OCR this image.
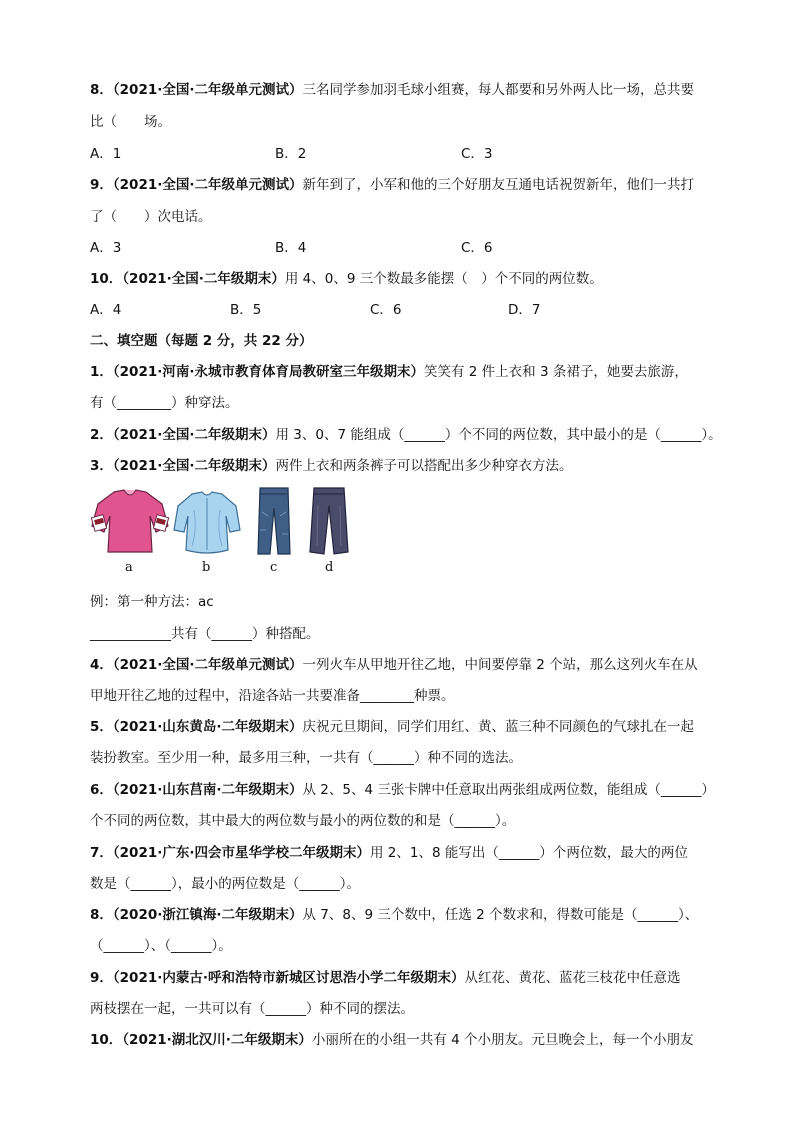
8．（2021·全国·二年级单元测试）三名同学参加羽毛球小组赛，每人都要和另外两人比一场，总共要
比（　　场。
A．1	B．2	C．3
9．（2021·全国·二年级单元测试）新年到了，小军和他的三个好朋友互通电话祝贺新年，他们一共打
了（　　）次电话。
A．3	B．4	C．6
10．（2021·全国·二年级期末）用 4、0、9 三个数最多能摆（　）个不同的两位数。
A．4	B．5	C．6	D．7
二、填空题（每题 2 分，共 22 分）
1．（2021·河南·永城市教育体育局教研室三年级期末）笑笑有 2 件上衣和 3 条裙子，她要去旅游，
有（________）种穿法。
2．（2021·全国·二年级期末）用 3、0、7 能组成（______）个不同的两位数，其中最小的是（______）。
3．（2021·全国·二年级期末）两件上衣和两条裤子可以搭配出多少种穿衣方法。
a	b	c	d
例：第一种方法：ac
____________共有（______）种搭配。
4．（2021·全国·二年级单元测试）一列火车从甲地开往乙地，中间要停靠 2 个站，那么这列火车在从
甲地开往乙地的过程中，沿途各站一共要准备________种票。
5．（2021·山东黄岛·二年级期末）庆祝元旦期间，同学们用红、黄、蓝三种不同颜色的气球扎在一起
装扮教室。至少用一种，最多用三种，一共有（______）种不同的选法。
6．（2021·山东莒南·二年级期末）从 2、5、4 三张卡牌中任意取出两张组成两位数，能组成（______）
个不同的两位数，其中最大的两位数与最小的两位数的和是（______）。
7．（2021·广东·四会市星华学校二年级期末）用 2、1、8 能写出（______）个两位数，最大的两位
数是（______），最小的两位数是（______）。
8．（2020·浙江镇海·二年级期末）从 7、8、9 三个数中，任选 2 个数求和，得数可能是（______）、
（______）、（______）。
9．（2021·内蒙古·呼和浩特市新城区讨思浩小学二年级期末）从红花、黄花、蓝花三枝花中任意选
两枝摆在一起，一共可以有（______）种不同的摆法。
10．（2021·湖北汉川·二年级期末）小丽所在的小组一共有 4 个小朋友。元旦晚会上，每一个小朋友
